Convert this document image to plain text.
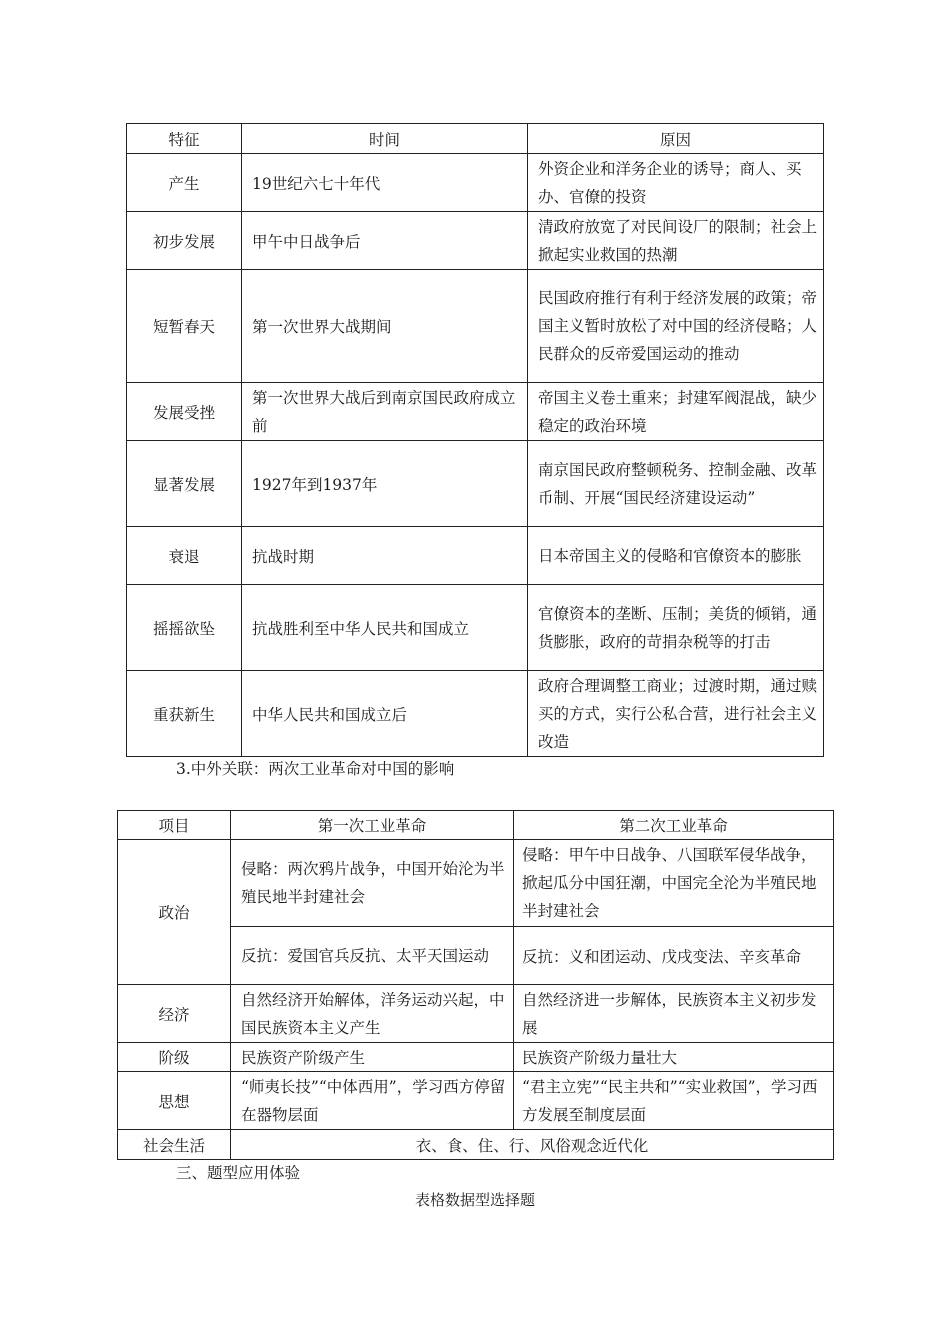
特征	时间	原因
产生	19世纪六七十年代	外资企业和洋务企业的诱导；商人、买办、官僚的投资

初步发展	甲午中日战争后	清政府放宽了对民间设厂的限制；社会上掀起实业救国的热潮

短暂春天	第一次世界大战期间	民国政府推行有利于经济发展的政策；帝国主义暂时放松了对中国的经济侵略；人民群众的反帝爱国运动的推动

发展受挫	第一次世界大战后到南京国民政府成立前	帝国主义卷土重来；封建军阀混战，缺少稳定的政治环境

显著发展	1927年到1937年	南京国民政府整顿税务、控制金融、改革币制、开展“国民经济建设运动”

衰退	抗战时期	日本帝国主义的侵略和官僚资本的膨胀

摇摇欲坠	抗战胜利至中华人民共和国成立	官僚资本的垄断、压制；美货的倾销，通货膨胀，政府的苛捐杂税等的打击

重获新生	中华人民共和国成立后	政府合理调整工商业；过渡时期，通过赎买的方式，实行公私合营，进行社会主义改造
3.中外关联：两次工业革命对中国的影响
项目	第一次工业革命	第二次工业革命
政治	侵略：两次鸦片战争，中国开始沦为半殖民地半封建社会	侵略：甲午中日战争、八国联军侵华战争，掀起瓜分中国狂潮，中国完全沦为半殖民地半封建社会

	反抗：爱国官兵反抗、太平天国运动	反抗：义和团运动、戊戌变法、辛亥革命
经济	自然经济开始解体，洋务运动兴起，中国民族资本主义产生	自然经济进一步解体，民族资本主义初步发展

阶级	民族资产阶级产生	民族资产阶级力量壮大
思想	“师夷长技”“中体西用”，学习西方停留在器物层面	“君主立宪”“民主共和”“实业救国”，学习西方发展至制度层面

社会生活	衣、食、住、行、风俗观念近代化	
三、题型应用体验
表格数据型选择题
